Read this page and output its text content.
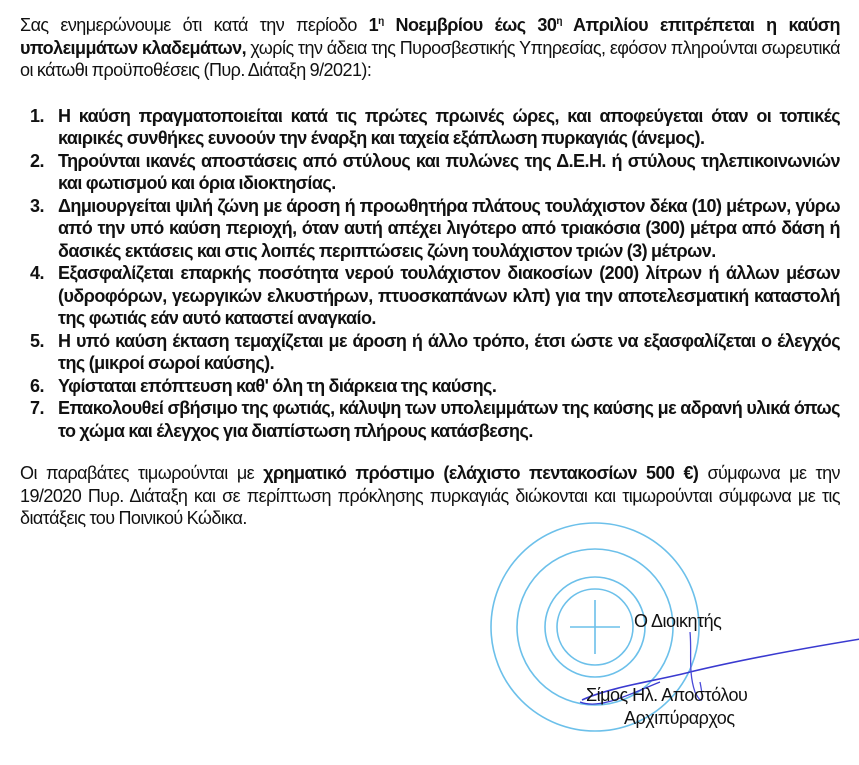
Σας ενημερώνουμε ότι κατά την περίοδο $1^\eta$ Νοεμβρίου έως $30^\eta$ Απριλίου επιτρέπεται η καύση υπολειμμάτων κλαδεμάτων, χωρίς την άδεια της Πυροσβεστικής Υπηρεσίας, εφόσον πληρούνται σωρευτικά οι κάτωθι προϋποθέσεις (Πυρ. Διάταξη 9/2021):

1. Η καύση πραγματοποιείται κατά τις πρώτες πρωινές ώρες, και αποφεύγεται όταν οι τοπικές καιρικές συνθήκες ευνοούν την έναρξη και ταχεία εξάπλωση πυρκαγιάς (άνεμος).
2. Τηρούνται ικανές αποστάσεις από στύλους και πυλώνες της Δ.Ε.Η. ή στύλους τηλεπικοινωνιών και φωτισμού και όρια ιδιοκτησίας.
3. Δημιουργείται ψιλή ζώνη με άροση ή προωθητήρα πλάτους τουλάχιστον δέκα (10) μέτρων, γύρω από την υπό καύση περιοχή, όταν αυτή απέχει λιγότερο από τριακόσια (300) μέτρα από δάση ή δασικές εκτάσεις και στις λοιπές περιπτώσεις ζώνη τουλάχιστον τριών (3) μέτρων.
4. Εξασφαλίζεται επαρκής ποσότητα νερού τουλάχιστον διακοσίων (200) λίτρων ή άλλων μέσων (υδροφόρων, γεωργικών ελκυστήρων, πτυοσκαπάνων κλπ) για την αποτελεσματική καταστολή της φωτιάς εάν αυτό καταστεί αναγκαίο.
5. Η υπό καύση έκταση τεμαχίζεται με άροση ή άλλο τρόπο, έτσι ώστε να εξασφαλίζεται ο έλεγχός της (μικροί σωροί καύσης).
6. Υφίσταται επόπτευση καθ' όλη τη διάρκεια της καύσης.
7. Επακολουθεί σβήσιμο της φωτιάς, κάλυψη των υπολειμμάτων της καύσης με αδρανή υλικά όπως το χώμα και έλεγχος για διαπίστωση πλήρους κατάσβεσης.

Οι παραβάτες τιμωρούνται με χρηματικό πρόστιμο (ελάχιστο πεντακοσίων 500 €) σύμφωνα με την 19/2020 Πυρ. Διάταξη και σε περίπτωση πρόκλησης πυρκαγιάς διώκονται και τιμωρούνται σύμφωνα με τις διατάξεις του Ποινικού Κώδικα.

Ο Διοικητής
Σίμος Ηλ. Αποστόλου
Αρχιπύραρχος
